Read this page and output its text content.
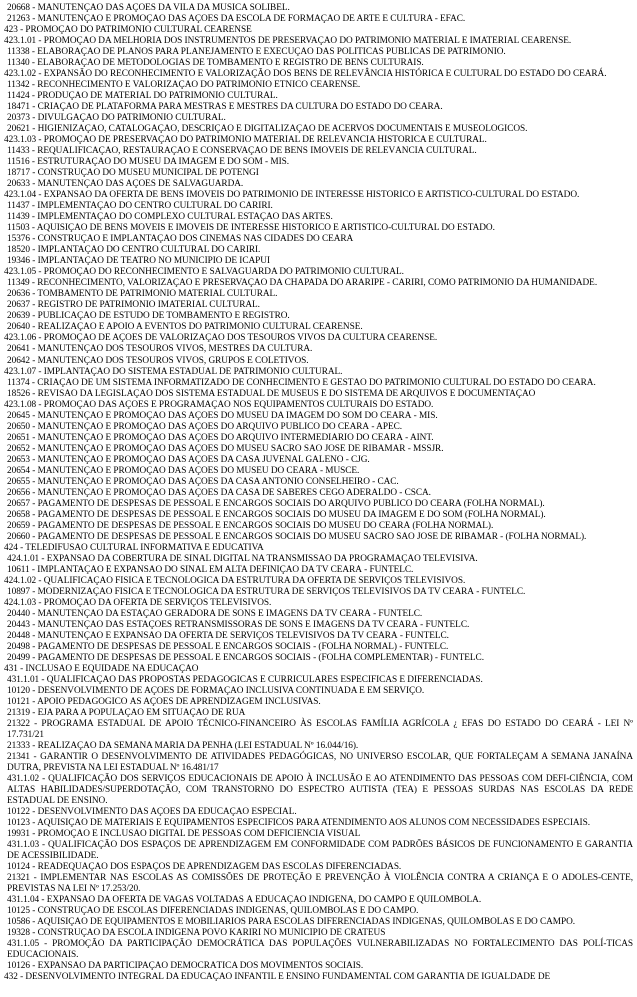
20668 - MANUTENÇÃO DAS AÇÕES DA VILA DA MÚSICA SOLIBEL.
21263 - MANUTENÇÃO E PROMOÇÃO DAS AÇÕES DA ESCOLA DE FORMAÇÃO DE ARTE E CULTURA - EFAC.
423 - PROMOÇÃO DO PATRIMÔNIO CULTURAL CEARENSE
423.1.01 - PROMOÇÃO DA MELHORIA DOS INSTRUMENTOS DE PRESERVAÇÃO DO PATRIMÔNIO MATERIAL E IMATERIAL CEARENSE.
11338 - ELABORAÇÃO DE PLANOS PARA PLANEJAMENTO E EXECUÇÃO DAS POLÍTICAS PÚBLICAS DE PATRIMÔNIO.
11340 - ELABORAÇÃO DE METODOLOGIAS DE TOMBAMENTO E REGISTRO DE BENS CULTURAIS.
423.1.02 - EXPANSÃO DO RECONHECIMENTO E VALORIZAÇÃO DOS BENS DE RELEVÂNCIA HISTÓRICA E CULTURAL DO ESTADO DO CEARÁ.
11342 - RECONHECIMENTO E VALORIZAÇÃO DO PATRIMÔNIO ÉTNICO CEARENSE.
11424 - PRODUÇÃO DE MATERIAL DO PATRIMÔNIO CULTURAL.
18471 - CRIAÇÃO DE PLATAFORMA PARA MESTRAS E MESTRES DA CULTURA DO ESTADO DO CEARÁ.
20373 - DIVULGAÇÃO DO PATRIMÔNIO CULTURAL.
20621 - HIGIENIZAÇÃO, CATALOGAÇÃO, DESCRIÇÃO E DIGITALIZAÇÃO DE ACERVOS DOCUMENTAIS E MUSEOLÓGICOS.
423.1.03 - PROMOÇÃO DE PRESERVAÇÃO DO PATRIMÔNIO MATERIAL DE RELEVÂNCIA HISTÓRICA E CULTURAL.
11433 - REQUALIFICAÇÃO, RESTAURAÇÃO E CONSERVAÇÃO DE BENS IMÓVEIS DE RELEVÂNCIA CULTURAL.
11516 - ESTRUTURAÇÃO DO MUSEU DA IMAGEM E DO SOM - MIS.
18717 - CONSTRUÇÃO DO MUSEU MUNICIPAL DE POTENGI
20633 - MANUTENÇÃO DAS AÇÕES DE SALVAGUARDA.
423.1.04 - EXPANSÃO DA OFERTA DE BENS IMÓVEIS DO PATRIMÔNIO DE INTERESSE HISTÓRICO E ARTÍSTICO-CULTURAL DO ESTADO.
11437 - IMPLEMENTAÇÃO DO CENTRO CULTURAL DO CARIRI.
11439 - IMPLEMENTAÇÃO DO COMPLEXO CULTURAL ESTAÇÃO DAS ARTES.
11503 - AQUISIÇÃO DE BENS MÓVEIS E IMÓVEIS DE INTERESSE HISTÓRICO E ARTÍSTICO-CULTURAL DO ESTADO.
15376 - CONSTRUÇÃO E IMPLANTAÇÃO DOS CINEMAS NAS CIDADES DO CEARÁ
18520 - IMPLANTAÇÃO DO CENTRO CULTURAL DO CARIRI.
19346 - IMPLANTAÇÃO DE TEATRO NO MUNICÍPIO DE ICAPUÍ
423.1.05 - PROMOÇÃO DO RECONHECIMENTO E SALVAGUARDA DO PATRIMÔNIO CULTURAL.
11349 - RECONHECIMENTO, VALORIZAÇÃO E PRESERVAÇÃO DA CHAPADA DO ARARIPE - CARIRI, COMO PATRIMÔNIO DA HUMANIDADE.
20636 - TOMBAMENTO DE PATRIMÔNIO MATERIAL CULTURAL.
20637 - REGISTRO DE PATRIMÔNIO IMATERIAL CULTURAL.
20639 - PUBLICAÇÃO DE ESTUDO DE TOMBAMENTO E REGISTRO.
20640 - REALIZAÇÃO E APOIO A EVENTOS DO PATRIMÔNIO CULTURAL CEARENSE.
423.1.06 - PROMOÇÃO DE AÇÕES DE VALORIZAÇÃO DOS TESOUROS VIVOS DA CULTURA CEARENSE.
20641 - MANUTENÇÃO DOS TESOUROS VIVOS, MESTRES DA CULTURA.
20642 - MANUTENÇÃO DOS TESOUROS VIVOS, GRUPOS E COLETIVOS.
423.1.07 - IMPLANTAÇÃO DO SISTEMA ESTADUAL DE PATRIMÔNIO CULTURAL.
11374 - CRIAÇÃO DE UM SISTEMA INFORMATIZADO DE CONHECIMENTO E GESTÃO DO PATRIMÔNIO CULTURAL DO ESTADO DO CEARÁ.
18526 - REVISÃO DA LEGISLAÇÃO DOS SISTEMA ESTADUAL DE MUSEUS E DO SISTEMA DE ARQUIVOS E DOCUMENTAÇÃO
423.1.08 - PROMOÇÃO DAS AÇÕES E PROGRAMAÇÃO NOS EQUIPAMENTOS CULTURAIS DO ESTADO.
20645 - MANUTENÇÃO E PROMOÇÃO DAS AÇÕES DO MUSEU DA IMAGEM DO SOM DO CEARÁ - MIS.
20650 - MANUTENÇÃO E PROMOÇÃO DAS AÇÕES DO ARQUIVO PÚBLICO DO CEARÁ - APEC.
20651 - MANUTENÇÃO E PROMOÇÃO DAS AÇÕES DO ARQUIVO INTERMEDIÁRIO DO CEARÁ - AINT.
20652 - MANUTENÇÃO E PROMOÇÃO DAS AÇÕES DO MUSEU SACRO SÃO JOSÉ DE RIBAMAR - MSSJR.
20653 - MANUTENÇÃO E PROMOÇÃO DAS AÇÕES DA CASA JUVENAL GALENO - CJG.
20654 - MANUTENÇÃO E PROMOÇÃO DAS AÇÕES DO MUSEU DO CEARÁ - MUSCE.
20655 - MANUTENÇÃO E PROMOÇÃO DAS AÇÕES DA CASA ANTÔNIO CONSELHEIRO - CAC.
20656 - MANUTENÇÃO E PROMOÇÃO DAS AÇÕES DA CASA DE SABERES CEGO ADERALDO - CSCA.
20657 - PAGAMENTO DE DESPESAS DE PESSOAL E ENCARGOS SOCIAIS DO ARQUIVO PÚBLICO DO CEARÁ (FOLHA NORMAL).
20658 - PAGAMENTO DE DESPESAS DE PESSOAL E ENCARGOS SOCIAIS DO MUSEU DA IMAGEM E DO SOM (FOLHA NORMAL).
20659 - PAGAMENTO DE DESPESAS DE PESSOAL E ENCARGOS SOCIAIS DO MUSEU DO CEARÁ (FOLHA NORMAL).
20660 - PAGAMENTO DE DESPESAS DE PESSOAL E ENCARGOS SOCIAIS DO MUSEU SACRO SÃO JOSÉ DE RIBAMAR - (FOLHA NORMAL).
424 - TELEDIFUSÃO CULTURAL INFORMATIVA E EDUCATIVA
424.1.01 - EXPANSÃO DA COBERTURA DE SINAL DIGITAL NA TRANSMISSÃO DA PROGRAMAÇÃO TELEVISIVA.
10611 - IMPLANTAÇÃO E EXPANSÃO DO SINAL EM ALTA DEFINIÇÃO DA TV CEARÁ - FUNTELC.
424.1.02 - QUALIFICAÇÃO FÍSICA E TECNOLÓGICA DA ESTRUTURA DA OFERTA DE SERVIÇOS TELEVISIVOS.
10897 - MODERNIZAÇÃO FÍSICA E TECNOLÓGICA DA ESTRUTURA DE SERVIÇOS TELEVISIVOS DA TV CEARÁ - FUNTELC.
424.1.03 - PROMOÇÃO DA OFERTA DE SERVIÇOS TELEVISIVOS.
20440 - MANUTENÇÃO DA ESTAÇÃO GERADORA DE SONS E IMAGENS DA TV CEARÁ - FUNTELC.
20443 - MANUTENÇÃO DAS ESTAÇÕES RETRANSMISSORAS DE SONS E IMAGENS DA TV CEARÁ - FUNTELC.
20448 - MANUTENÇÃO E EXPANSÃO DA OFERTA DE SERVIÇOS TELEVISIVOS DA TV CEARÁ - FUNTELC.
20498 - PAGAMENTO DE DESPESAS DE PESSOAL E ENCARGOS SOCIAIS - (FOLHA NORMAL) - FUNTELC.
20499 - PAGAMENTO DE DESPESAS DE PESSOAL E ENCARGOS SOCIAIS - (FOLHA COMPLEMENTAR) - FUNTELC.
431 - INCLUSÃO E EQUIDADE NA EDUCAÇÃO
431.1.01 - QUALIFICAÇÃO DAS PROPOSTAS PEDAGÓGICAS E CURRICULARES ESPECÍFICAS E DIFERENCIADAS.
10120 - DESENVOLVIMENTO DE AÇÕES DE FORMAÇÃO INCLUSIVA CONTINUADA E EM SERVIÇO.
10121 - APOIO PEDAGÓGICO ÀS AÇÕES DE APRENDIZAGEM INCLUSIVAS.
21319 - EJA PARA A POPULAÇÃO EM SITUAÇÃO DE RUA
21322 - PROGRAMA ESTADUAL DE APOIO TÉCNICO-FINANCEIRO ÀS ESCOLAS FAMÍLIA AGRÍCOLA ¿ EFAS DO ESTADO DO CEARÁ - LEI Nº 17.731/21
21333 - REALIZAÇÃO DA SEMANA MARIA DA PENHA (LEI ESTADUAL Nº 16.044/16).
21341 - GARANTIR O DESENVOLVIMENTO DE ATIVIDADES PEDAGÓGICAS, NO UNIVERSO ESCOLAR, QUE FORTALEÇAM A SEMANA JANAÍNA DUTRA, PREVISTA NA LEI ESTADUAL Nº 16.481/17
431.1.02 - QUALIFICAÇÃO DOS SERVIÇOS EDUCACIONAIS DE APOIO À INCLUSÃO E AO ATENDIMENTO DAS PESSOAS COM DEFI-CIÊNCIA, COM ALTAS HABILIDADES/SUPERDOTAÇÃO, COM TRANSTORNO DO ESPECTRO AUTISTA (TEA) E PESSOAS SURDAS NAS ESCOLAS DA REDE ESTADUAL DE ENSINO.
10122 - DESENVOLVIMENTO DAS AÇÕES DA EDUCAÇÃO ESPECIAL.
10123 - AQUISIÇÃO DE MATERIAIS E EQUIPAMENTOS ESPECÍFICOS PARA ATENDIMENTO AOS ALUNOS COM NECESSIDADES ESPECIAIS.
19931 - PROMOÇÃO E INCLUSÃO DIGITAL DE PESSOAS COM DEFICIÊNCIA VISUAL
431.1.03 - QUALIFICAÇÃO DOS ESPAÇOS DE APRENDIZAGEM EM CONFORMIDADE COM PADRÕES BÁSICOS DE FUNCIONAMENTO E GARANTIA DE ACESSIBILIDADE.
10124 - READEQUAÇÃO DOS ESPAÇOS DE APRENDIZAGEM DAS ESCOLAS DIFERENCIADAS.
21321 - IMPLEMENTAR NAS ESCOLAS AS COMISSÕES DE PROTEÇÃO E PREVENÇÃO À VIOLÊNCIA CONTRA A CRIANÇA E O ADOLES-CENTE, PREVISTAS NA LEI Nº 17.253/20.
431.1.04 - EXPANSÃO DA OFERTA DE VAGAS VOLTADAS À EDUCAÇÃO INDÍGENA, DO CAMPO E QUILOMBOLA.
10125 - CONSTRUÇÃO DE ESCOLAS DIFERENCIADAS INDÍGENAS, QUILOMBOLAS E DO CAMPO.
10586 - AQUISIÇÃO DE EQUIPAMENTOS E MOBILIÁRIOS PARA ESCOLAS DIFERENCIADAS INDÍGENAS, QUILOMBOLAS E DO CAMPO.
19328 - CONSTRUÇÃO DA ESCOLA INDÍGENA POVO KARIRI NO MUNICÍPIO DE CRATEÚS
431.1.05 - PROMOÇÃO DA PARTICIPAÇÃO DEMOCRÁTICA DAS POPULAÇÕES VULNERABILIZADAS NO FORTALECIMENTO DAS POLÍ-TICAS EDUCACIONAIS.
10126 - EXPANSÃO DA PARTICIPAÇÃO DEMOCRÁTICA DOS MOVIMENTOS SOCIAIS.
432 - DESENVOLVIMENTO INTEGRAL DA EDUCAÇÃO INFANTIL E ENSINO FUNDAMENTAL COM GARANTIA DE IGUALDADE DE
